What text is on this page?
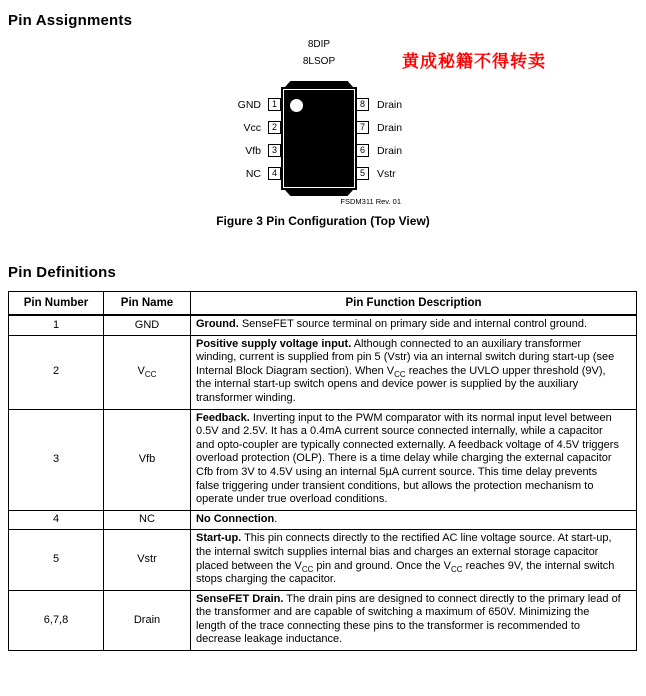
Pin Assignments
8DIP
8LSOP	黄成秘籍不得转卖
GND	1
Vcc	2
Vfb	3
NC	4
8	Drain
7	Drain
6	Drain
5	Vstr
FSDM311 Rev. 01
Figure 3 Pin Configuration (Top View)
Pin Definitions
Pin Number	Pin Name	Pin Function Description
1	GND	Ground. SenseFET source terminal on primary side and internal control ground.
2	$V_{CC}$	Positive supply voltage input. Although connected to an auxiliary transformer winding, current is supplied from pin 5 (Vstr) via an internal switch during start-up (see Internal Block Diagram section). When $V_{CC}$ reaches the UVLO upper threshold (9V), the internal start-up switch opens and device power is supplied by the auxiliary transformer winding.
3	Vfb	Feedback. Inverting input to the PWM comparator with its normal input level between 0.5V and 2.5V. It has a 0.4mA current source connected internally, while a capacitor and opto-coupler are typically connected externally. A feedback voltage of 4.5V triggers overload protection (OLP). There is a time delay while charging the external capacitor Cfb from 3V to 4.5V using an internal 5µA current source. This time delay prevents false triggering under transient conditions, but allows the protection mechanism to operate under true overload conditions.
4	NC	No Connection.
5	Vstr	Start-up. This pin connects directly to the rectified AC line voltage source. At start-up, the internal switch supplies internal bias and charges an external storage capacitor placed between the $V_{CC}$ pin and ground. Once the $V_{CC}$ reaches 9V, the internal switch stops charging the capacitor.
6,7,8	Drain	SenseFET Drain. The drain pins are designed to connect directly to the primary lead of the transformer and are capable of switching a maximum of 650V. Minimizing the length of the trace connecting these pins to the transformer is recommended to decrease leakage inductance.
